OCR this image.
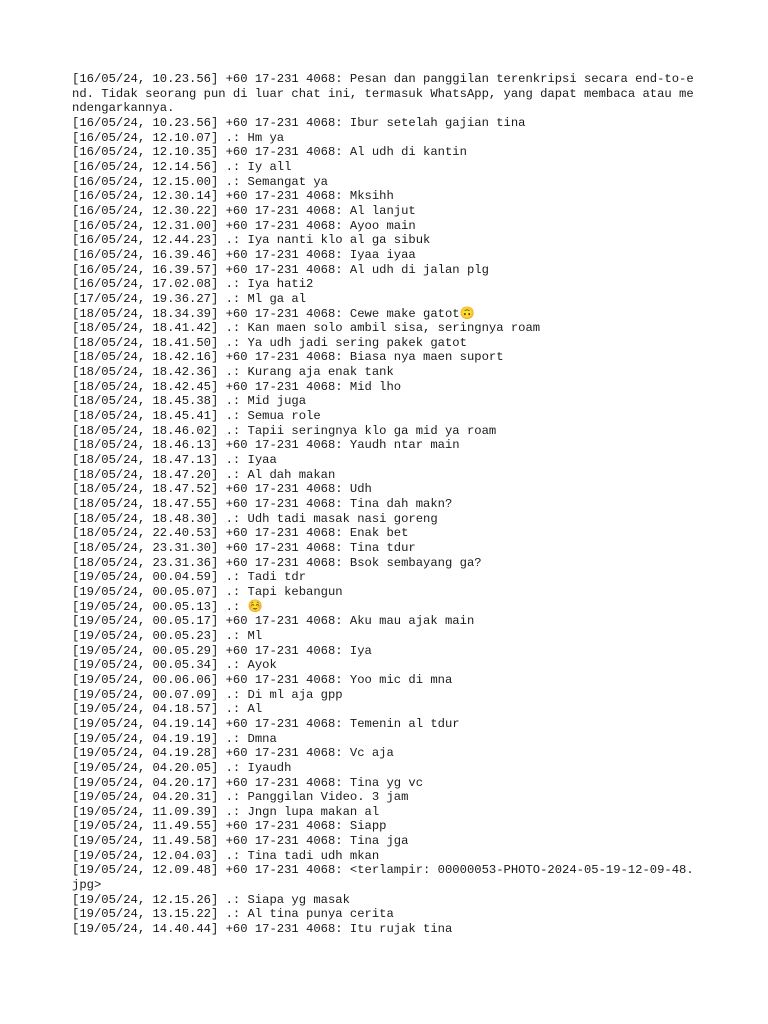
[16/05/24, 10.23.56] +60 17-231 4068: Pesan dan panggilan terenkripsi secara end-to-end. Tidak seorang pun di luar chat ini, termasuk WhatsApp, yang dapat membaca atau mendengarkannya.
[16/05/24, 10.23.56] +60 17-231 4068: Ibur setelah gajian tina
[16/05/24, 12.10.07] .: Hm ya
[16/05/24, 12.10.35] +60 17-231 4068: Al udh di kantin
[16/05/24, 12.14.56] .: Iy all
[16/05/24, 12.15.00] .: Semangat ya
[16/05/24, 12.30.14] +60 17-231 4068: Mksihh
[16/05/24, 12.30.22] +60 17-231 4068: Al lanjut
[16/05/24, 12.31.00] +60 17-231 4068: Ayoo main
[16/05/24, 12.44.23] .: Iya nanti klo al ga sibuk
[16/05/24, 16.39.46] +60 17-231 4068: Iyaa iyaa
[16/05/24, 16.39.57] +60 17-231 4068: Al udh di jalan plg
[16/05/24, 17.02.08] .: Iya hati2
[17/05/24, 19.36.27] .: Ml ga al
[18/05/24, 18.34.39] +60 17-231 4068: Cewe make gatot🙃
[18/05/24, 18.41.42] .: Kan maen solo ambil sisa, seringnya roam
[18/05/24, 18.41.50] .: Ya udh jadi sering pakek gatot
[18/05/24, 18.42.16] +60 17-231 4068: Biasa nya maen suport
[18/05/24, 18.42.36] .: Kurang aja enak tank
[18/05/24, 18.42.45] +60 17-231 4068: Mid lho
[18/05/24, 18.45.38] .: Mid juga
[18/05/24, 18.45.41] .: Semua role
[18/05/24, 18.46.02] .: Tapii seringnya klo ga mid ya roam
[18/05/24, 18.46.13] +60 17-231 4068: Yaudh ntar main
[18/05/24, 18.47.13] .: Iyaa
[18/05/24, 18.47.20] .: Al dah makan
[18/05/24, 18.47.52] +60 17-231 4068: Udh
[18/05/24, 18.47.55] +60 17-231 4068: Tina dah makn?
[18/05/24, 18.48.30] .: Udh tadi masak nasi goreng
[18/05/24, 22.40.53] +60 17-231 4068: Enak bet
[18/05/24, 23.31.30] +60 17-231 4068: Tina tdur
[18/05/24, 23.31.36] +60 17-231 4068: Bsok sembayang ga?
[19/05/24, 00.04.59] .: Tadi tdr
[19/05/24, 00.05.07] .: Tapi kebangun
[19/05/24, 00.05.13] .: ☺️
[19/05/24, 00.05.17] +60 17-231 4068: Aku mau ajak main
[19/05/24, 00.05.23] .: Ml
[19/05/24, 00.05.29] +60 17-231 4068: Iya
[19/05/24, 00.05.34] .: Ayok
[19/05/24, 00.06.06] +60 17-231 4068: Yoo mic di mna
[19/05/24, 00.07.09] .: Di ml aja gpp
[19/05/24, 04.18.57] .: Al
[19/05/24, 04.19.14] +60 17-231 4068: Temenin al tdur
[19/05/24, 04.19.19] .: Dmna
[19/05/24, 04.19.28] +60 17-231 4068: Vc aja
[19/05/24, 04.20.05] .: Iyaudh
[19/05/24, 04.20.17] +60 17-231 4068: Tina yg vc
[19/05/24, 04.20.31] .: Panggilan Video. 3 jam
[19/05/24, 11.09.39] .: Jngn lupa makan al
[19/05/24, 11.49.55] +60 17-231 4068: Siapp
[19/05/24, 11.49.58] +60 17-231 4068: Tina jga
[19/05/24, 12.04.03] .: Tina tadi udh mkan
[19/05/24, 12.09.48] +60 17-231 4068: <terlampir: 00000053-PHOTO-2024-05-19-12-09-48.jpg>
[19/05/24, 12.15.26] .: Siapa yg masak
[19/05/24, 13.15.22] .: Al tina punya cerita
[19/05/24, 14.40.44] +60 17-231 4068: Itu rujak tina
